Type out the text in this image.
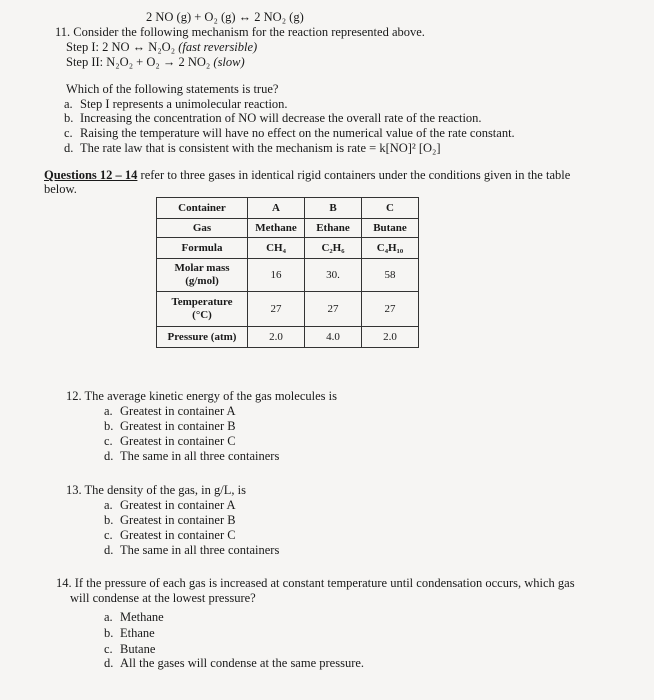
2 NO (g) + O₂ (g) ↔ 2 NO₂ (g)
11. Consider the following mechanism for the reaction represented above.
Step I: 2 NO ↔ N₂O₂ (fast reversible)
Step II: N₂O₂ + O₂ → 2 NO₂ (slow)
Which of the following statements is true?
a. Step I represents a unimolecular reaction.
b. Increasing the concentration of NO will decrease the overall rate of the reaction.
c. Raising the temperature will have no effect on the numerical value of the rate constant.
d. The rate law that is consistent with the mechanism is rate = k[NO]² [O₂]
Questions 12 – 14 refer to three gases in identical rigid containers under the conditions given in the table
below.
Container	A	B	C
Gas	Methane	Ethane	Butane
Formula	CH₄	C₂H₆	C₄H₁₀

Molar mass
(g/mol)	16	30.	58

Temperature
(°C)	27	27	27
Pressure (atm)	2.0	4.0	2.0
12. The average kinetic energy of the gas molecules is
a. Greatest in container A
b. Greatest in container B
c. Greatest in container C
d. The same in all three containers
13. The density of the gas, in g/L, is
a. Greatest in container A
b. Greatest in container B
c. Greatest in container C
d. The same in all three containers
14. If the pressure of each gas is increased at constant temperature until condensation occurs, which gas
will condense at the lowest pressure?
a. Methane
b. Ethane
c. Butane
d. All the gases will condense at the same pressure.
